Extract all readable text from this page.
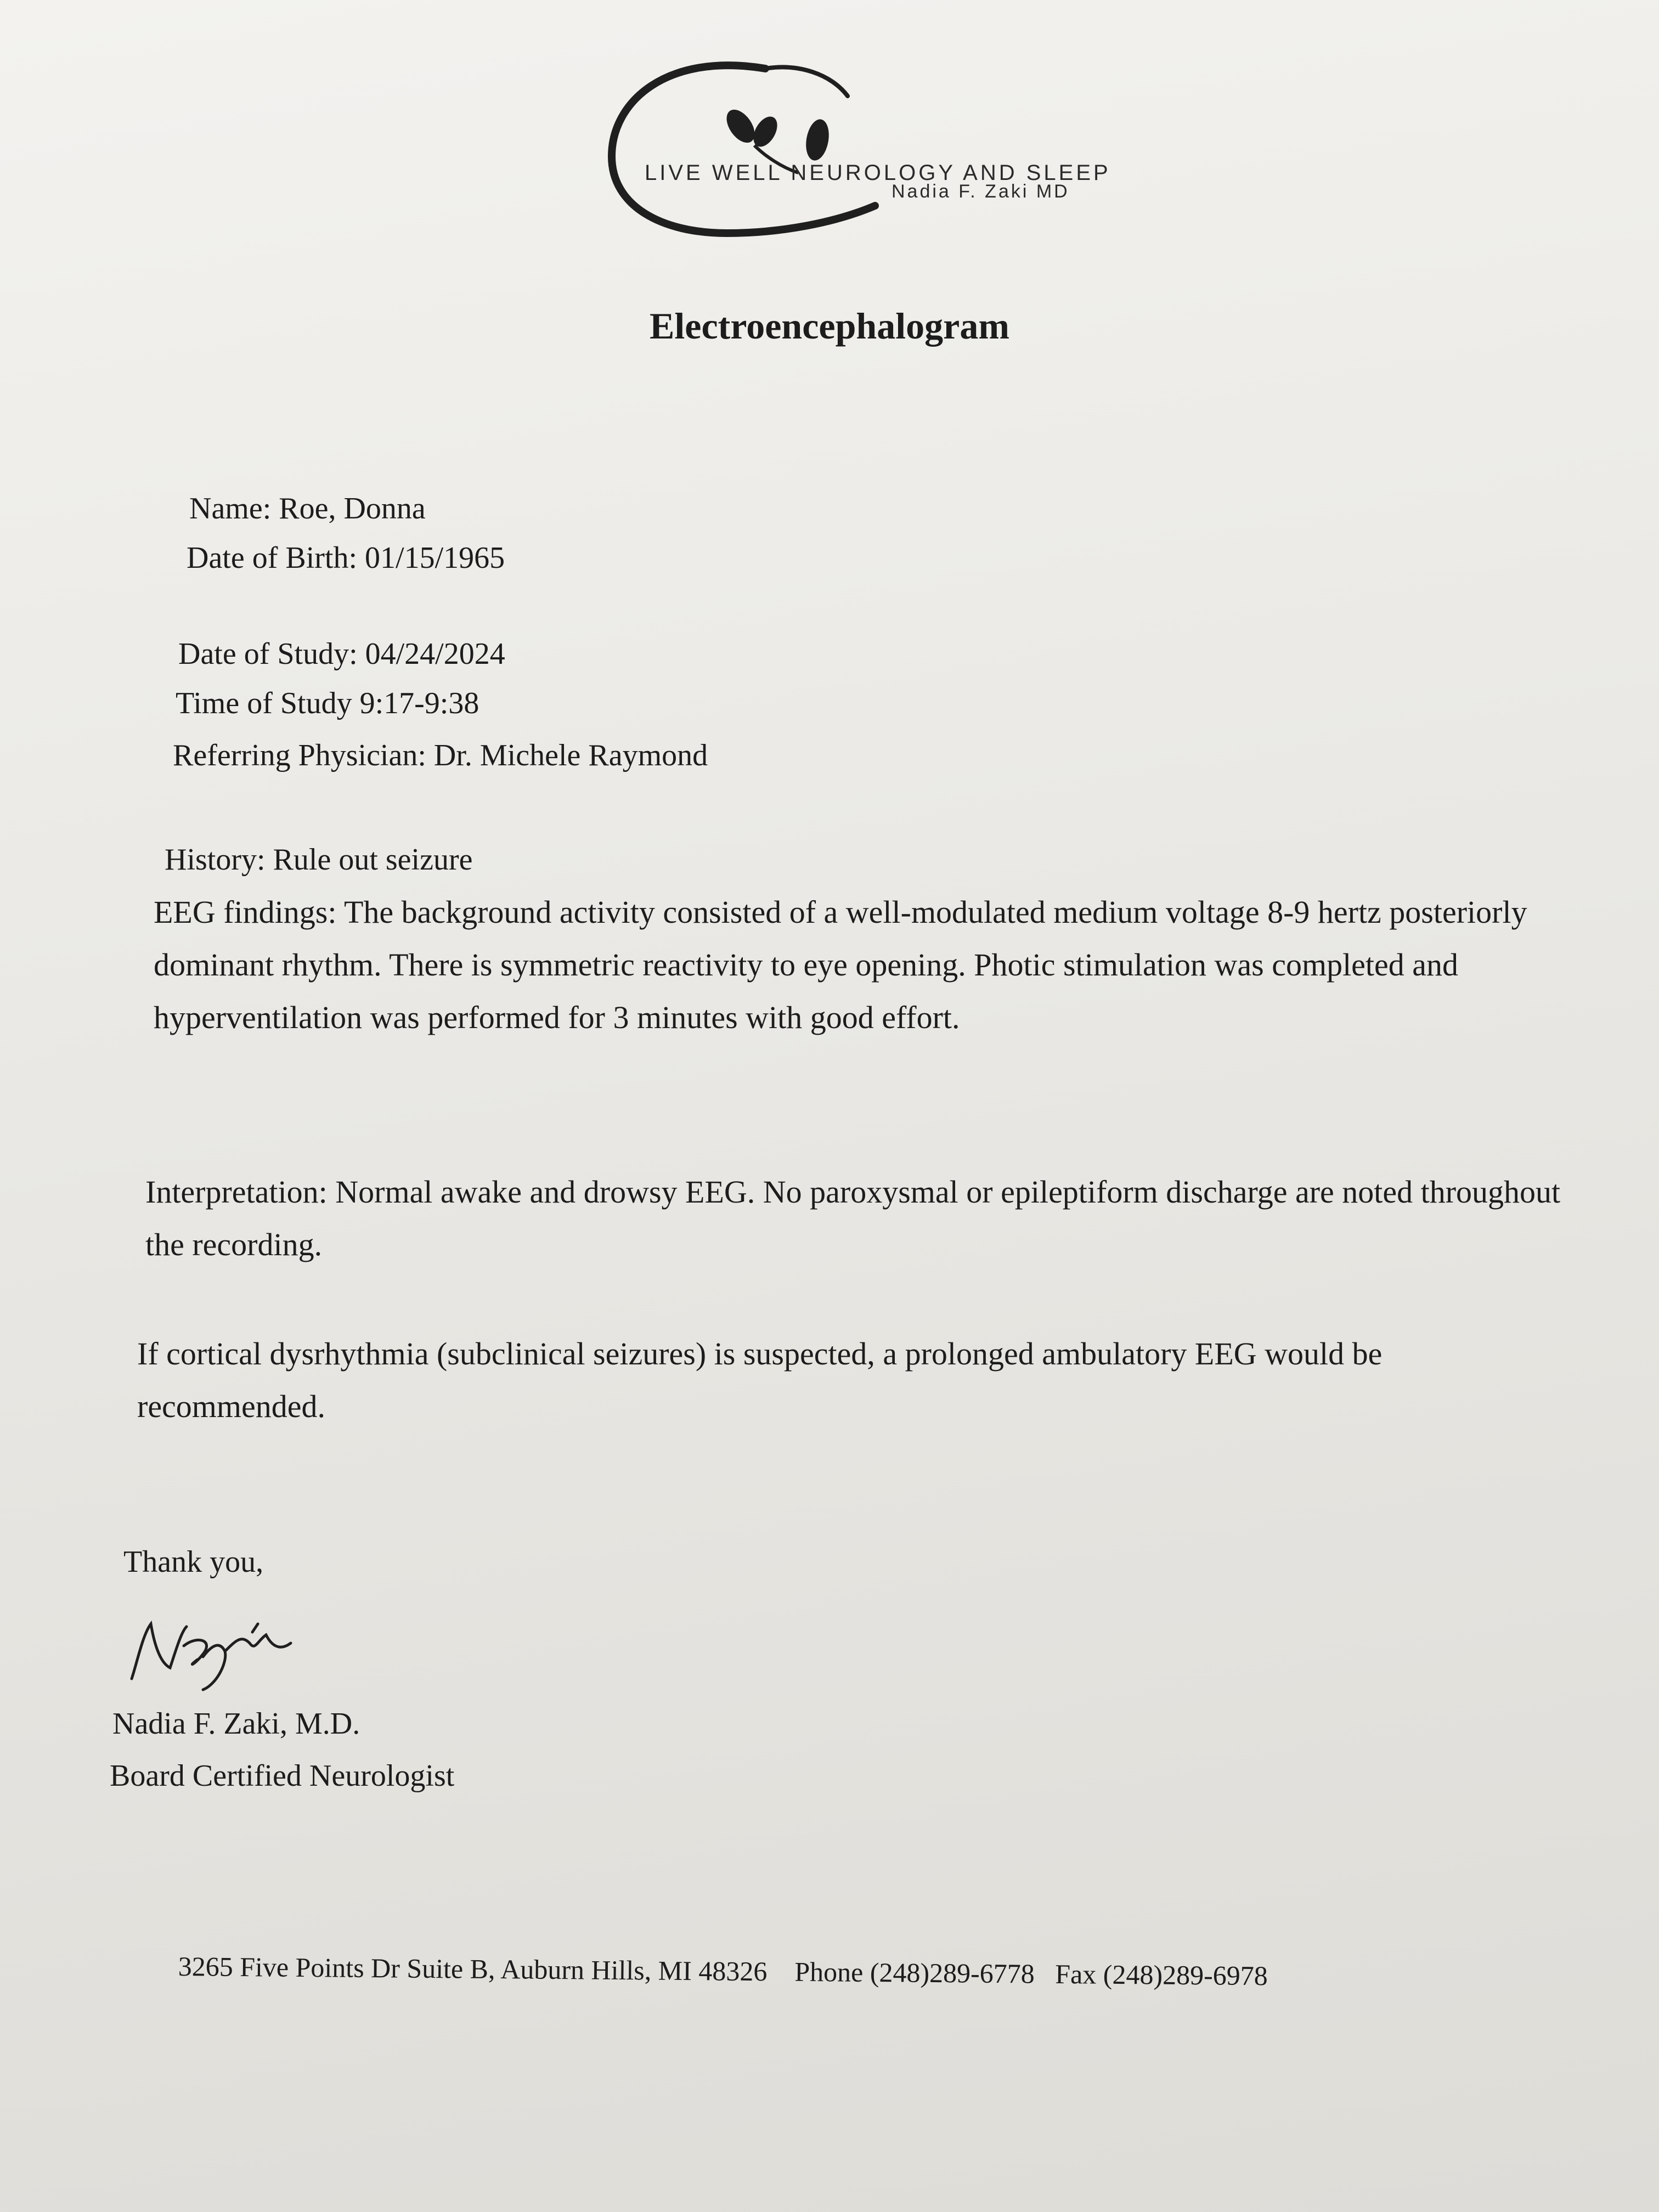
LIVE WELL NEUROLOGY AND SLEEP

Nadia F. Zaki MD

Electroencephalogram

Name: Roe, Donna

Date of Birth: 01/15/1965

Date of Study: 04/24/2024

Time of Study 9:17-9:38

Referring Physician: Dr. Michele Raymond

History: Rule out seizure

EEG findings: The background activity consisted of a well-modulated medium voltage 8-9 hertz posteriorly dominant rhythm. There is symmetric reactivity to eye opening. Photic stimulation was completed and hyperventilation was performed for 3 minutes with good effort.

Interpretation: Normal awake and drowsy EEG. No paroxysmal or epileptiform discharge are noted throughout the recording.

If cortical dysrhythmia (subclinical seizures) is suspected, a prolonged ambulatory EEG would be recommended.

Thank you,

Nadia F. Zaki, M.D.

Board Certified Neurologist

3265 Five Points Dr Suite B, Auburn Hills, MI 48326 Phone (248)289-6778 Fax (248)289-6978
